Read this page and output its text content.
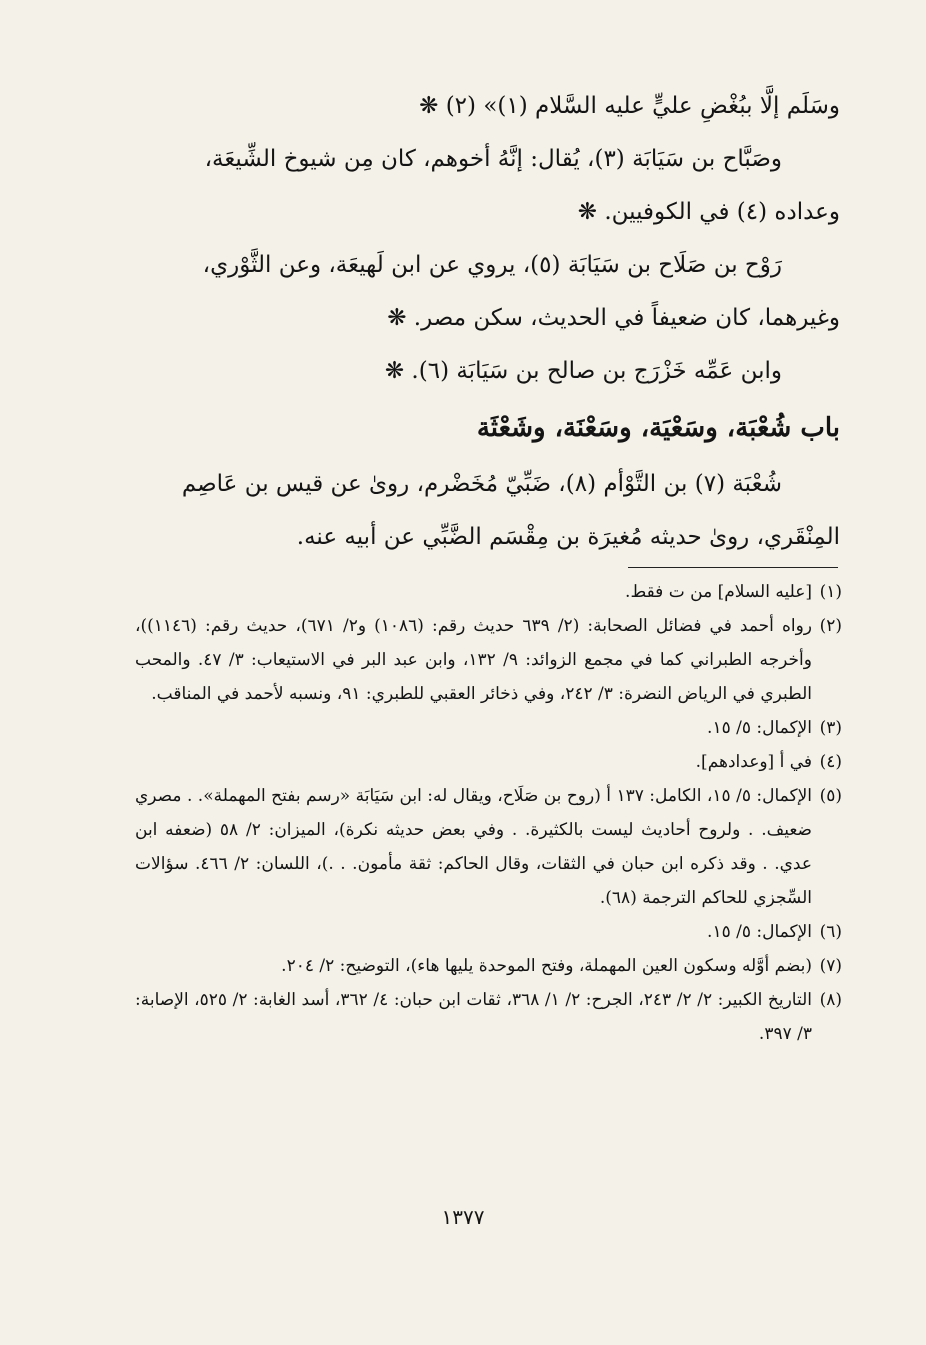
وسَلَم إلَّا ببُغْضِ عليٍّ عليه السَّلام (١)» (٢) ❋

وصَبَّاح بن سَيَابَة (٣)، يُقال: إنَّهُ أخوهم، كان مِن شيوخ الشِّيعَة،

وعداده (٤) في الكوفيين. ❋

رَوْح بن صَلَاح بن سَيَابَة (٥)، يروي عن ابن لَهيعَة، وعن الثَّوْري،

وغيرهما، كان ضعيفاً في الحديث، سكن مصر. ❋

وابن عَمِّه خَزْرَج بن صالح بن سَيَابَة (٦). ❋

باب شُعْبَة، وسَعْيَة، وسَعْنَة، وشَعْثَة

شُعْبَة (٧) بن التَّوْأم (٨)، ضَبِّيّ مُخَضْرم، روىٰ عن قيس بن عَاصِم

المِنْقَري، روىٰ حديثه مُغيرَة بن مِقْسَم الضَّبِّي عن أبيه عنه.

(١)
[عليه السلام] من ت فقط.
(٢)
رواه أحمد في فضائل الصحابة: (٢/ ٦٣٩ حديث رقم: (١٠٨٦) و٢/ ٦٧١)، حديث رقم: (١١٤٦))، وأخرجه الطبراني كما في مجمع الزوائد: ٩/ ١٣٢، وابن عبد البر في الاستيعاب: ٣/ ٤٧. والمحب الطبري في الرياض النضرة: ٣/ ٢٤٢، وفي ذخائر العقبي للطبري: ٩١، ونسبه لأحمد في المناقب.
(٣)
الإكمال: ٥/ ١٥.
(٤)
في أ [وعدادهم].
(٥)
الإكمال: ٥/ ١٥، الكامل: ١٣٧ أ (روح بن صَلَاح، ويقال له: ابن سَيَابَة «رسم بفتح المهملة». . مصري ضعيف. . ولروح أحاديث ليست بالكثيرة. . وفي بعض حديثه نكرة)، الميزان: ٢/ ٥٨ (ضعفه ابن عدي. . وقد ذكره ابن حبان في الثقات، وقال الحاكم: ثقة مأمون. . .)، اللسان: ٢/ ٤٦٦. سؤالات السِّجزي للحاكم الترجمة (٦٨).
(٦)
الإكمال: ٥/ ١٥.
(٧)
(بضم أوَّله وسكون العين المهملة، وفتح الموحدة يليها هاء)، التوضيح: ٢/ ٢٠٤.
(٨)
التاريخ الكبير: ٢/ ٢/ ٢٤٣، الجرح: ٢/ ١/ ٣٦٨، ثقات ابن حبان: ٤/ ٣٦٢، أسد الغابة: ٢/ ٥٢٥، الإصابة: ٣/ ٣٩٧.
١٣٧٧
